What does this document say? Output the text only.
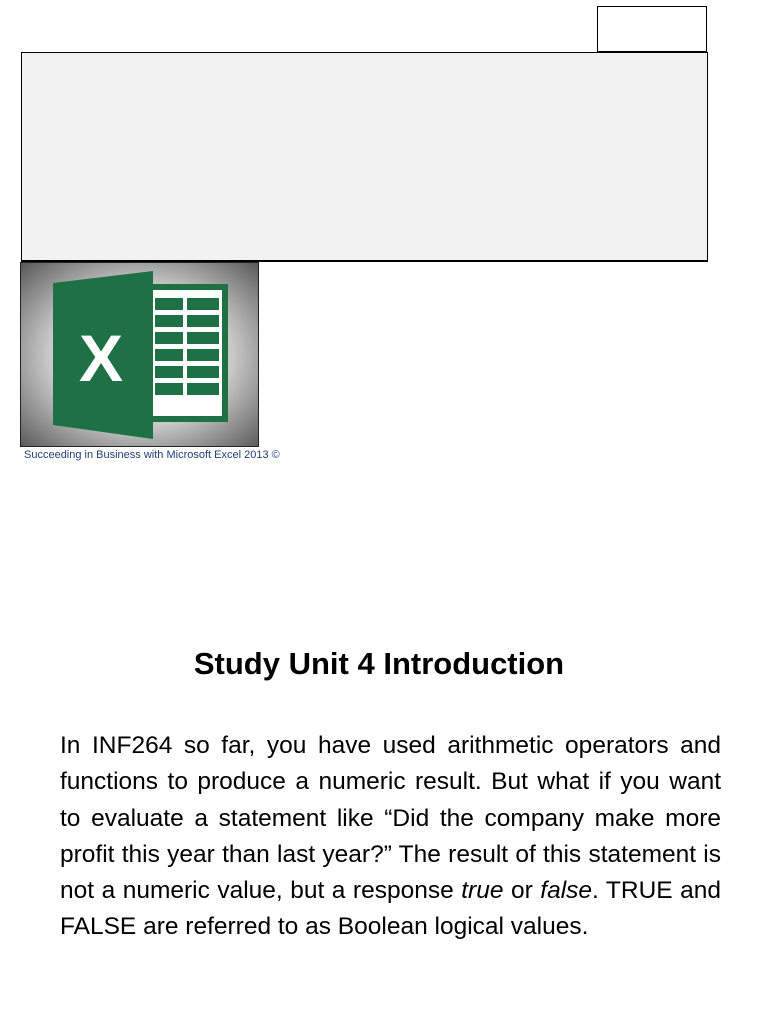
X
Succeeding in Business with Microsoft Excel 2013 ©
Study Unit 4 Introduction

In INF264 so far, you have used arithmetic operators and functions to produce a numeric result. But what if you want to evaluate a statement like “Did the company make more profit this year than last year?” The result of this statement is not a numeric value, but a response true or false. TRUE and FALSE are referred to as Boolean logical values.
